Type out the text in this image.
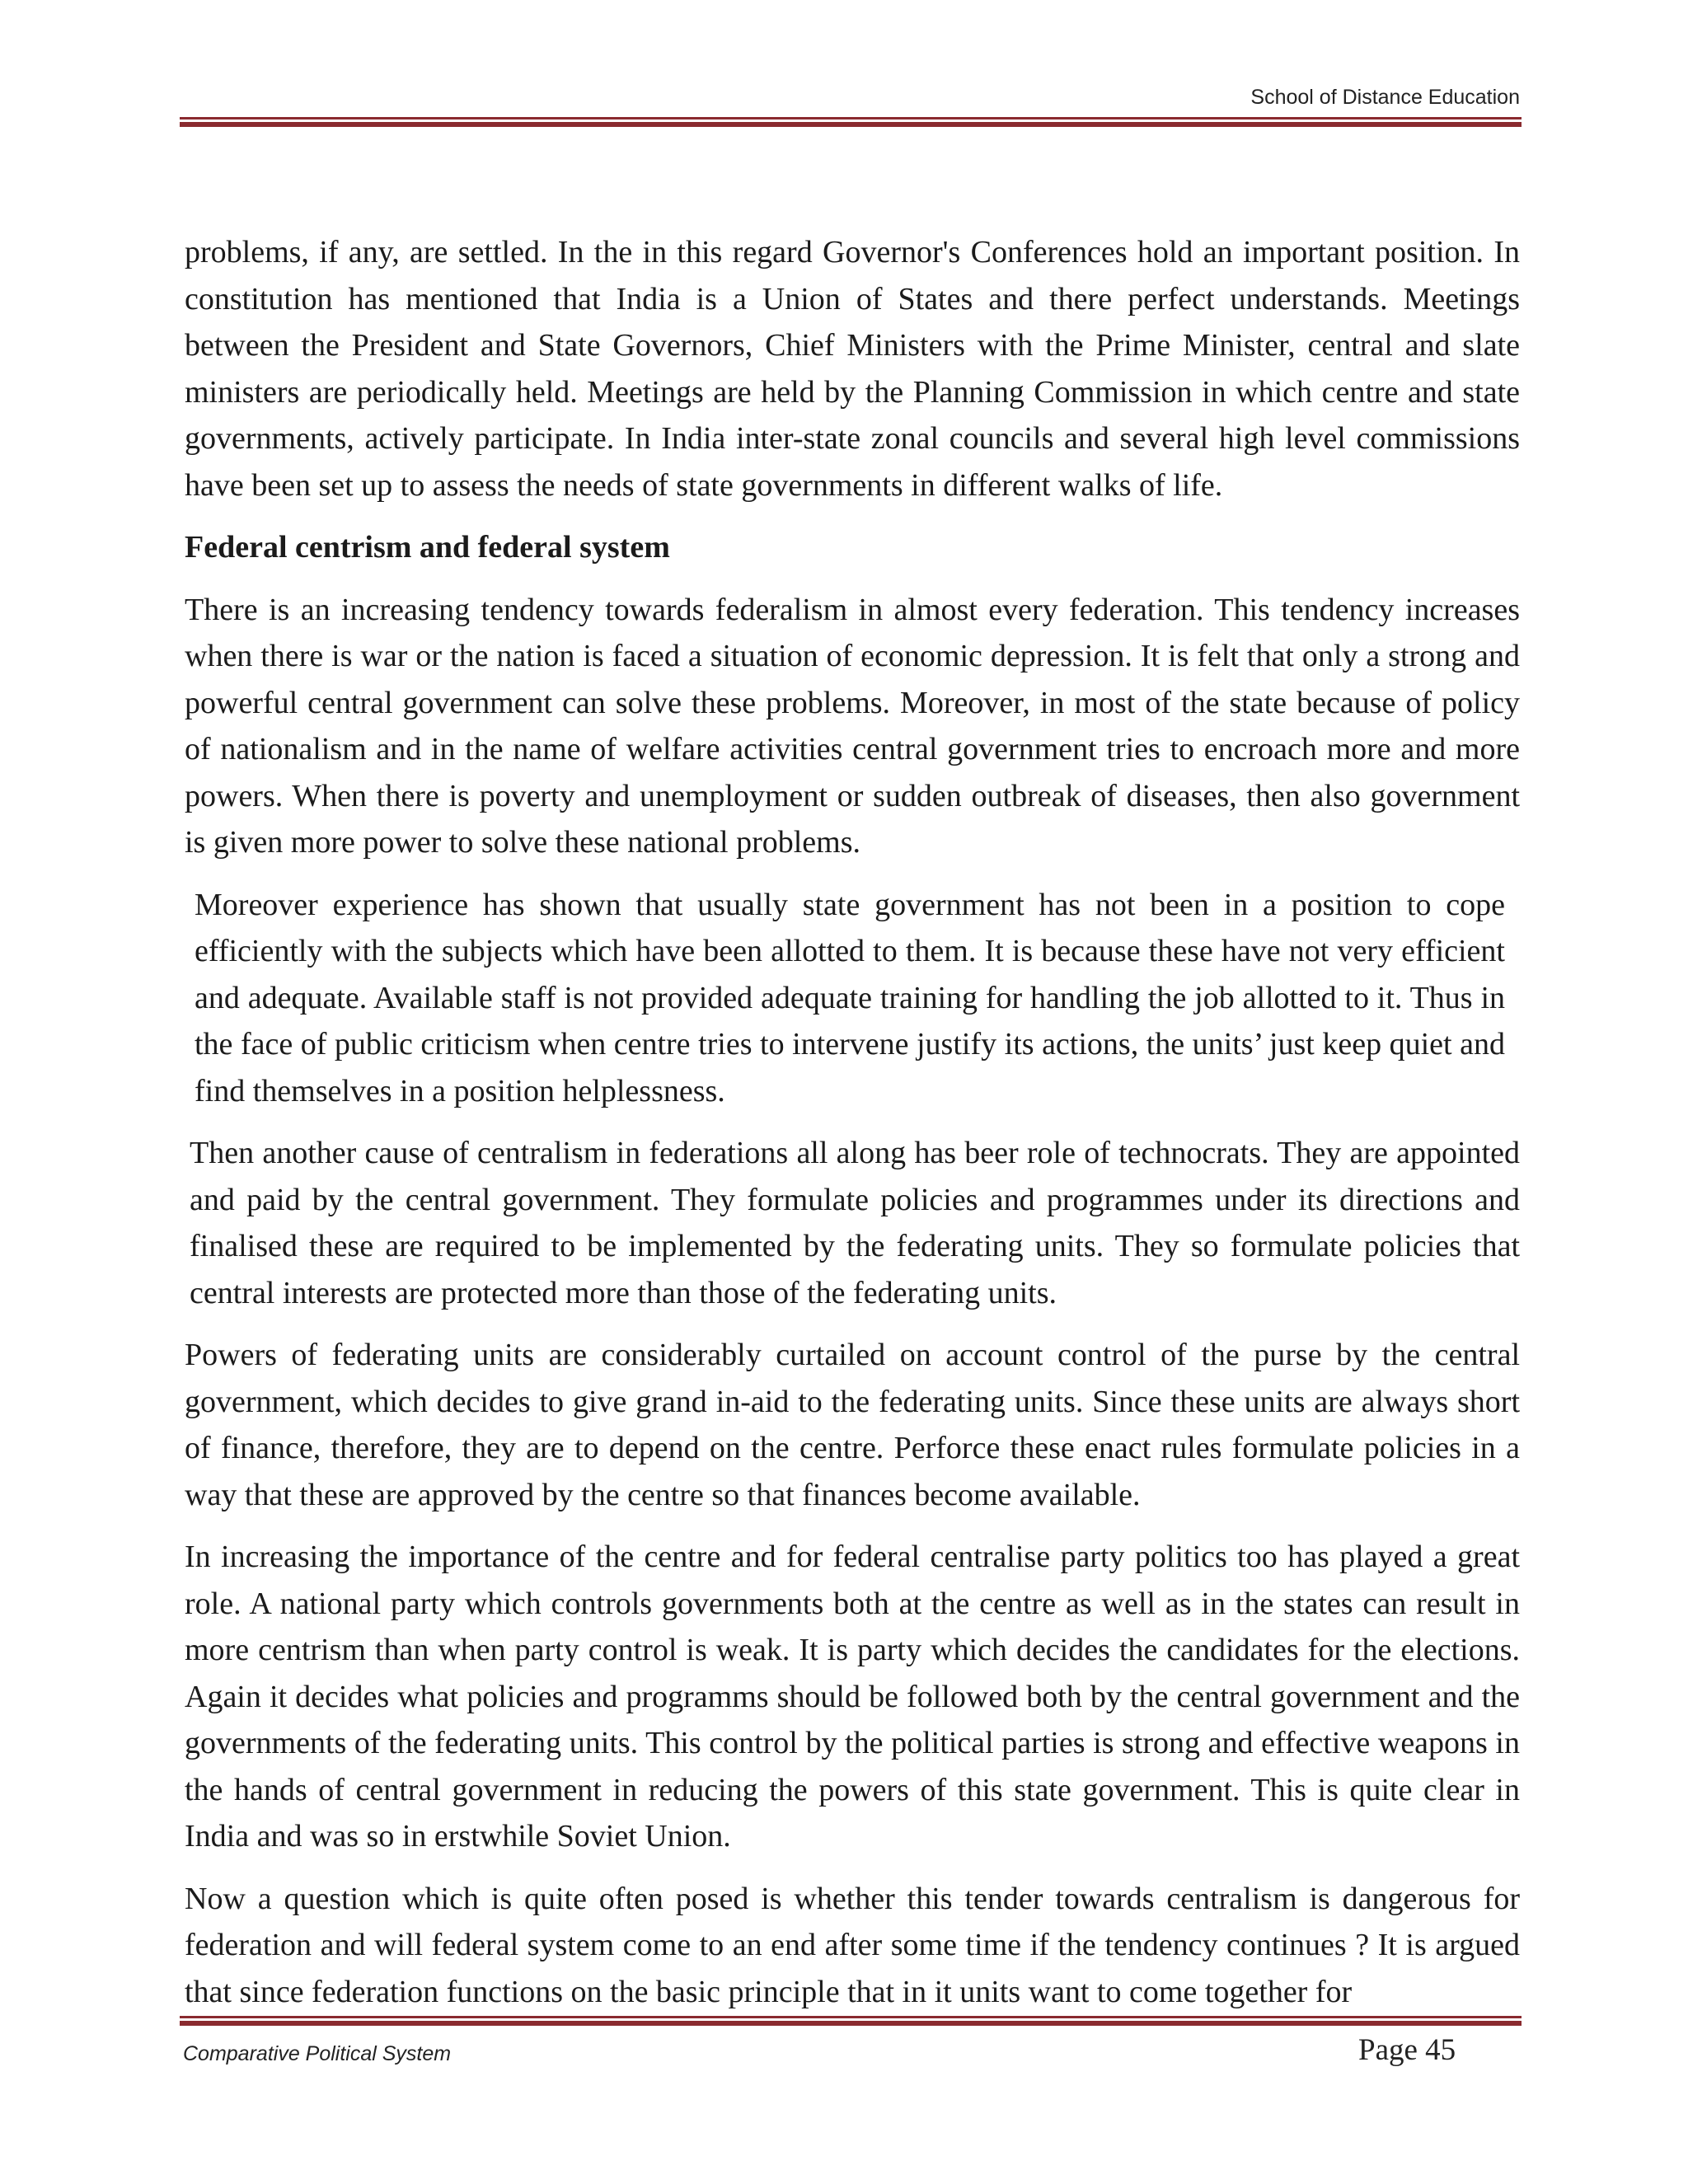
School of Distance Education

problems, if any, are settled. In the in this regard Governor's Conferences hold an important position. In constitution has mentioned that India is a Union of States and there perfect understands. Meetings between the President and State Governors, Chief Ministers with the Prime Minister, central and slate ministers are periodically held. Meetings are held by the Planning Commission in which centre and state governments, actively participate. In India inter-state zonal councils and several high level commissions have been set up to assess the needs of state governments in different walks of life.

Federal centrism and federal system

There is an increasing tendency towards federalism in almost every federation. This tendency increases when there is war or the nation is faced a situation of economic depression. It is felt that only a strong and powerful central government can solve these problems. Moreover, in most of the state because of policy of nationalism and in the name of welfare activities central government tries to encroach more and more powers. When there is poverty and unemployment or sudden outbreak of diseases, then also government is given more power to solve these national problems.

Moreover experience has shown that usually state government has not been in a position to cope efficiently with the subjects which have been allotted to them. It is because these have not very efficient and adequate. Available staff is not provided adequate training for handling the job allotted to it. Thus in the face of public criticism when centre tries to intervene justify its actions, the units’ just keep quiet and find themselves in a position helplessness.

Then another cause of centralism in federations all along has beer role of technocrats. They are appointed and paid by the central government. They formulate policies and programmes under its directions and finalised these are required to be implemented by the federating units. They so formulate policies that central interests are protected more than those of the federating units.

Powers of federating units are considerably curtailed on account control of the purse by the central government, which decides to give grand in-aid to the federating units. Since these units are always short of finance, therefore, they are to depend on the centre. Perforce these enact rules formulate policies in a way that these are approved by the centre so that finances become available.

In increasing the importance of the centre and for federal centralise party politics too has played a great role. A national party which controls governments both at the centre as well as in the states can result in more centrism than when party control is weak. It is party which decides the candidates for the elections. Again it decides what policies and programms should be followed both by the central government and the governments of the federating units. This control by the political parties is strong and effective weapons in the hands of central government in reducing the powers of this state government. This is quite clear in India and was so in erstwhile Soviet Union.

Now a question which is quite often posed is whether this tender towards centralism is dangerous for federation and will federal system come to an end after some time if the tendency continues ? It is argued that since federation functions on the basic principle that in it units want to come together for

Comparative Political System	Page 45
